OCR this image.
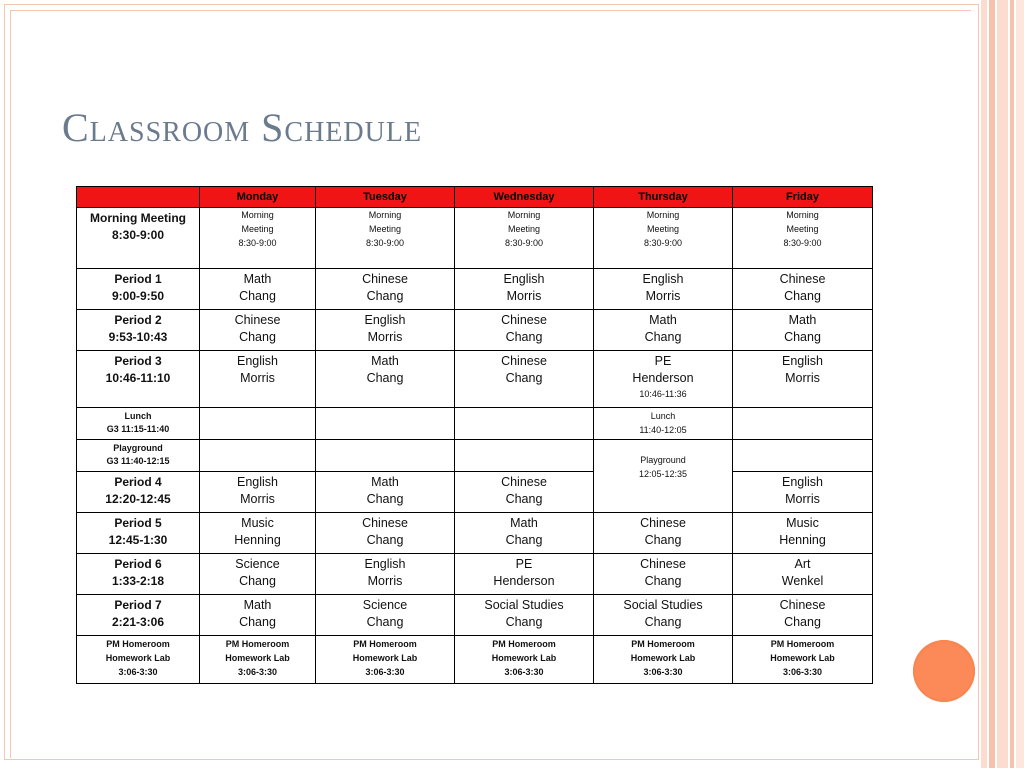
Classroom Schedule
	Monday	Tuesday	Wednesday	Thursday	Friday

Morning Meeting
8:30-9:00	Morning
Meeting
8:30-9:00	Morning
Meeting
8:30-9:00	Morning
Meeting
8:30-9:00	Morning
Meeting
8:30-9:00	Morning
Meeting
8:30-9:00

Period 1
9:00-9:50	Math
Chang	Chinese
Chang	English
Morris	English
Morris	Chinese
Chang

Period 2
9:53-10:43	Chinese
Chang	English
Morris	Chinese
Chang	Math
Chang	Math
Chang

Period 3
10:46-11:10	English
Morris	Math
Chang	Chinese
Chang	PE
Henderson
10:46-11:36	English
Morris

Lunch
G3 11:15-11:40				Lunch
11:40-12:05	

Playground
G3 11:40-12:15				Playground
12:05-12:35	

Period 4
12:20-12:45	English
Morris	Math
Chang	Chinese
Chang		English
Morris

Period 5
12:45-1:30	Music
Henning	Chinese
Chang	Math
Chang	Chinese
Chang	Music
Henning

Period 6
1:33-2:18	Science
Chang	English
Morris	PE
Henderson	Chinese
Chang	Art
Wenkel

Period 7
2:21-3:06	Math
Chang	Science
Chang	Social Studies
Chang	Social Studies
Chang	Chinese
Chang

PM Homeroom
Homework Lab
3:06-3:30	PM Homeroom
Homework Lab
3:06-3:30	PM Homeroom
Homework Lab
3:06-3:30	PM Homeroom
Homework Lab
3:06-3:30	PM Homeroom
Homework Lab
3:06-3:30	PM Homeroom
Homework Lab
3:06-3:30
